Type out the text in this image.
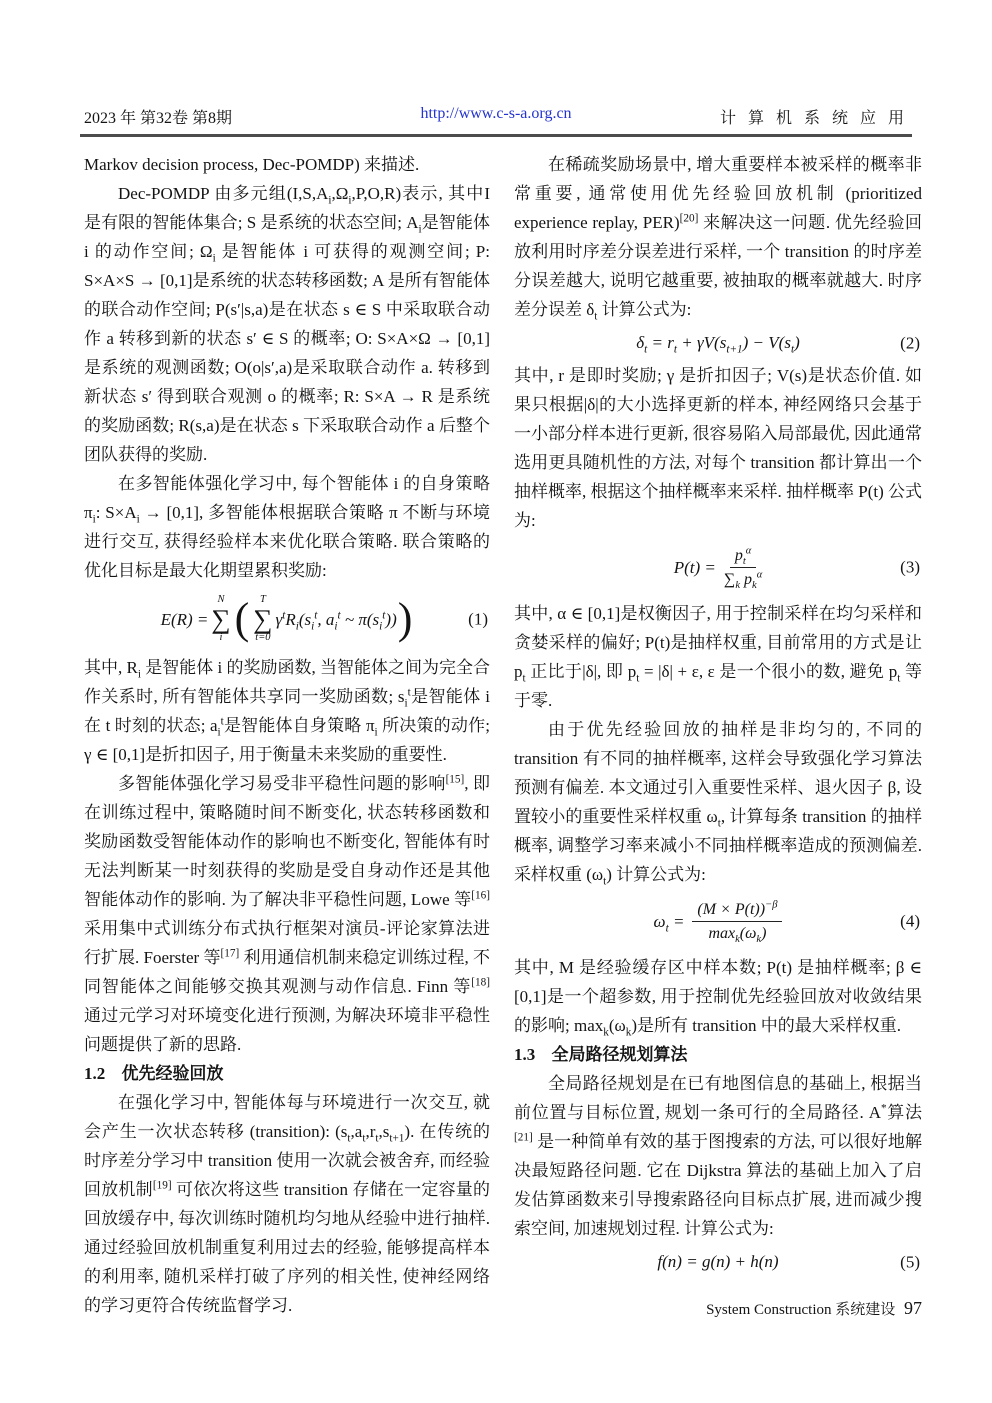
2023 年 第32卷 第8期	http://www.c-s-a.org.cn	计 算 机 系 统 应 用

Markov decision process, Dec-POMDP) 来描述.

Dec-POMDP 由多元组$(I,S,A_i,\Omega_i,P,O,R)$表示, 其中I 是有限的智能体集合; S 是系统的状态空间; $A_i$是智能体 i 的动作空间; $\Omega_i$ 是智能体 i 可获得的观测空间; P: S×A×S → [0,1]是系统的状态转移函数; A 是所有智能体的联合动作空间; P(s′|s,a)是在状态 s ∈ S 中采取联合动作 a 转移到新的状态 s′ ∈ S 的概率; O: S×A×Ω → [0,1]是系统的观测函数; O(o|s′,a)是采取联合动作 a. 转移到新状态 s′ 得到联合观测 o 的概率; R: S×A → R 是系统的奖励函数; R(s,a)是在状态 s 下采取联合动作 a 后整个团队获得的奖励.

在多智能体强化学习中, 每个智能体 i 的自身策略 $\pi_i$: $S\times A_i \to [0,1]$, 多智能体根据联合策略 π 不断与环境进行交互, 获得经验样本来优化联合策略. 联合策略的优化目标是最大化期望累积奖励:

E(R) =
N
∑
i ( T
∑
t=0
$\gamma^tR_i(s_i^t$, $a_i^t$ ~ $\pi(s_i^t)$) )	(1)

其中, $R_i$ 是智能体 i 的奖励函数, 当智能体之间为完全合作关系时, 所有智能体共享同一奖励函数; $s_i^t$是智能体 i 在 t 时刻的状态; $a_i^t$是智能体自身策略 $\pi_i$ 所决策的动作; γ ∈ [0,1]是折扣因子, 用于衡量未来奖励的重要性.

多智能体强化学习易受非平稳性问题的影响[15], 即在训练过程中, 策略随时间不断变化, 状态转移函数和奖励函数受智能体动作的影响也不断变化, 智能体有时无法判断某一时刻获得的奖励是受自身动作还是其他智能体动作的影响. 为了解决非平稳性问题, Lowe 等[16] 采用集中式训练分布式执行框架对演员-评论家算法进行扩展. Foerster 等[17] 利用通信机制来稳定训练过程, 不同智能体之间能够交换其观测与动作信息. Finn 等[18] 通过元学习对环境变化进行预测, 为解决环境非平稳性问题提供了新的思路.

1.2 优先经验回放

在强化学习中, 智能体每与环境进行一次交互, 就会产生一次状态转移 (transition): $(s_t,a_t,r_t,s_{t+1})$. 在传统的时序差分学习中 transition 使用一次就会被舍弃, 而经验回放机制[19] 可依次将这些 transition 存储在一定容量的回放缓存中, 每次训练时随机均匀地从经验中进行抽样. 通过经验回放机制重复利用过去的经验, 能够提高样本的利用率, 随机采样打破了序列的相关性, 使神经网络的学习更符合传统监督学习.

在稀疏奖励场景中, 增大重要样本被采样的概率非常重要, 通常使用优先经验回放机制 (prioritized experience replay, PER)[20] 来解决这一问题. 优先经验回放利用时序差分误差进行采样, 一个 transition 的时序差分误差越大, 说明它越重要, 被抽取的概率就越大. 时序差分误差 $\delta_t$ 计算公式为:

$\delta_t = r_t + \gamma V(s_{t+1}) - V(s_t)$	(2)

其中, r 是即时奖励; γ 是折扣因子; V(s)是状态价值. 如果只根据|δ|的大小选择更新的样本, 神经网络只会基于一小部分样本进行更新, 很容易陷入局部最优, 因此通常选用更具随机性的方法, 对每个 transition 都计算出一个抽样概率, 根据这个抽样概率来采样. 抽样概率 P(t) 公式为:

$P(t) = \frac{p_t^\alpha}{\sum_k p_k^\alpha}$	(3)

其中, α ∈ [0,1]是权衡因子, 用于控制采样在均匀采样和贪婪采样的偏好; P(t)是抽样权重, 目前常用的方式是让 $p_t$ 正比于|δ|, 即 $p_t = |\delta| + \varepsilon$, ε 是一个很小的数, 避免 $p_t$ 等于零.

由于优先经验回放的抽样是非均匀的, 不同的 transition 有不同的抽样概率, 这样会导致强化学习算法预测有偏差. 本文通过引入重要性采样、退火因子 β, 设置较小的重要性采样权重 $\omega_t$, 计算每条 transition 的抽样概率, 调整学习率来减小不同抽样概率造成的预测偏差. 采样权重 $(\omega_t)$ 计算公式为:

$\omega_t = \frac{(M \times P(t))^{-\beta}}{\max_k(\omega_k)}$	(4)

其中, M 是经验缓存区中样本数; P(t) 是抽样概率; β ∈ [0,1]是一个超参数, 用于控制优先经验回放对收敛结果的影响; $\max_k(\omega_k)$是所有 transition 中的最大采样权重.

1.3 全局路径规划算法

全局路径规划是在已有地图信息的基础上, 根据当前位置与目标位置, 规划一条可行的全局路径. A*算法[21] 是一种简单有效的基于图搜索的方法, 可以很好地解决最短路径问题. 它在 Dijkstra 算法的基础上加入了启发估算函数来引导搜索路径向目标点扩展, 进而减少搜索空间, 加速规划过程. 计算公式为:

f(n) = g(n) + h(n)	(5)
System Construction 系统建设 97
